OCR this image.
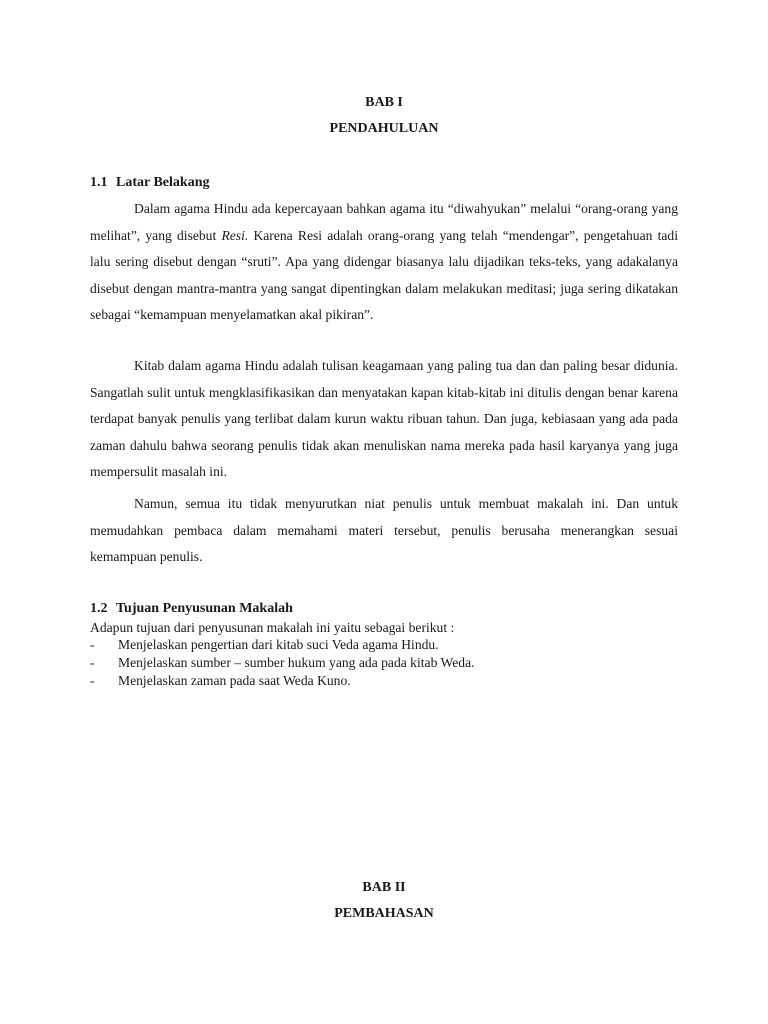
BAB I
PENDAHULUAN
1.1 Latar Belakang

Dalam agama Hindu ada kepercayaan bahkan agama itu “diwahyukan” melalui “orang-orang yang melihat”, yang disebut Resi. Karena Resi adalah orang-orang yang telah “mendengar”, pengetahuan tadi lalu sering disebut dengan “sruti”. Apa yang didengar biasanya lalu dijadikan teks-teks, yang adakalanya disebut dengan mantra-mantra yang sangat dipentingkan dalam melakukan meditasi; juga sering dikatakan sebagai “kemampuan menyelamatkan akal pikiran”.

Kitab dalam agama Hindu adalah tulisan keagamaan yang paling tua dan dan paling besar didunia. Sangatlah sulit untuk mengklasifikasikan dan menyatakan kapan kitab-kitab ini ditulis dengan benar karena terdapat banyak penulis yang terlibat dalam kurun waktu ribuan tahun. Dan juga, kebiasaan yang ada pada zaman dahulu bahwa seorang penulis tidak akan menuliskan nama mereka pada hasil karyanya yang juga mempersulit masalah ini.

Namun, semua itu tidak menyurutkan niat penulis untuk membuat makalah ini. Dan untuk memudahkan pembaca dalam memahami materi tersebut, penulis berusaha menerangkan sesuai kemampuan penulis.

1.2 Tujuan Penyusunan Makalah

Adapun tujuan dari penyusunan makalah ini yaitu sebagai berikut :

- Menjelaskan pengertian dari kitab suci Veda agama Hindu.
- Menjelaskan sumber – sumber hukum yang ada pada kitab Weda.
- Menjelaskan zaman pada saat Weda Kuno.
BAB II
PEMBAHASAN
